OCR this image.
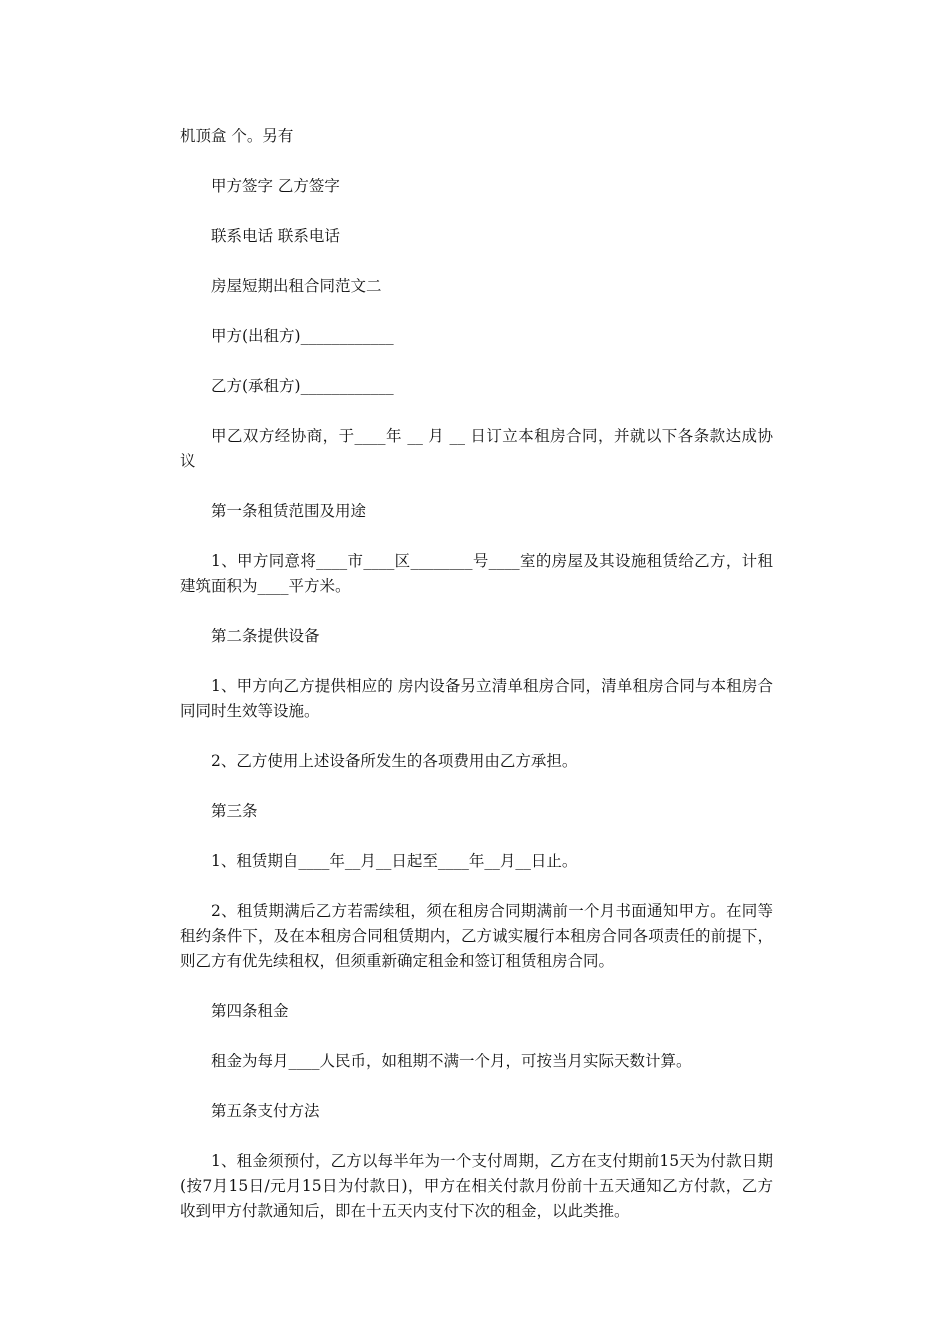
机顶盒 个。另有

甲方签字 乙方签字

联系电话 联系电话

房屋短期出租合同范文二

甲方(出租方)____________

乙方(承租方)____________

甲乙双方经协商，于____年 __ 月 __ 日订立本租房合同，并就以下各条款达成协议

第一条租赁范围及用途

1、甲方同意将____市____区________号____室的房屋及其设施租赁给乙方，计租建筑面积为____平方米。

第二条提供设备

1、甲方向乙方提供相应的 房内设备另立清单租房合同，清单租房合同与本租房合同同时生效等设施。

2、乙方使用上述设备所发生的各项费用由乙方承担。

第三条

1、租赁期自____年__月__日起至____年__月__日止。

2、租赁期满后乙方若需续租，须在租房合同期满前一个月书面通知甲方。在同等租约条件下，及在本租房合同租赁期内，乙方诚实履行本租房合同各项责任的前提下，则乙方有优先续租权，但须重新确定租金和签订租赁租房合同。

第四条租金

租金为每月____人民币，如租期不满一个月，可按当月实际天数计算。

第五条支付方法

1、租金须预付，乙方以每半年为一个支付周期，乙方在支付期前15天为付款日期(按7月15日/元月15日为付款日)，甲方在相关付款月份前十五天通知乙方付款，乙方收到甲方付款通知后，即在十五天内支付下次的租金，以此类推。
